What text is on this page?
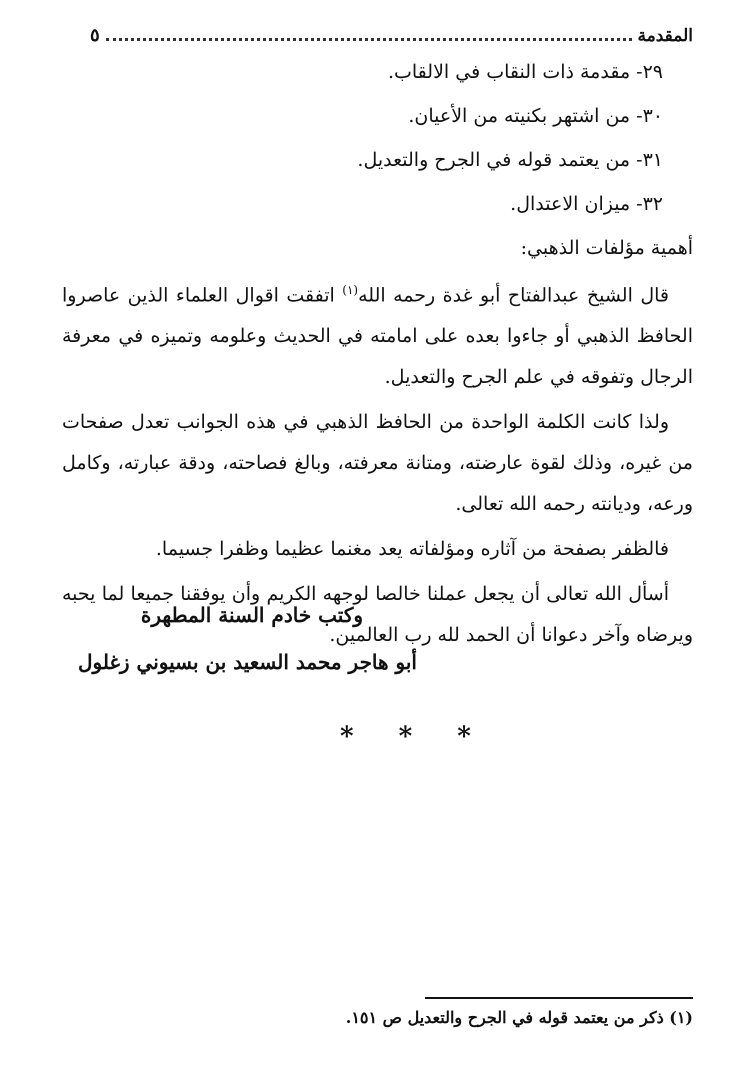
المقدمة
٥
٢٩- مقدمة ذات النقاب في الالقاب.
٣٠- من اشتهر بكنيته من الأعيان.
٣١- من يعتمد قوله في الجرح والتعديل.
٣٢- ميزان الاعتدال.
أهمية مؤلفات الذهبي:

قال الشيخ عبدالفتاح أبو غدة رحمه الله$^{(١)}$ اتفقت اقوال العلماء الذين عاصروا الحافظ الذهبي أو جاءوا بعده على امامته في الحديث وعلومه وتميزه في معرفة الرجال وتفوقه في علم الجرح والتعديل.

ولذا كانت الكلمة الواحدة من الحافظ الذهبي في هذه الجوانب تعدل صفحات من غيره، وذلك لقوة عارضته، ومتانة معرفته، وبالغ فصاحته، ودقة عبارته، وكامل ورعه، وديانته رحمه الله تعالى.

فالظفر بصفحة من آثاره ومؤلفاته يعد مغنما عظيما وظفرا جسيما.

أسأل الله تعالى أن يجعل عملنا خالصا لوجهه الكريم وأن يوفقنا جميعا لما يحبه ويرضاه وآخر دعوانا أن الحمد لله رب العالمين.

وكتب خادم السنة المطهرة
أبو هاجر محمد السعيد بن بسيوني زغلول
* * *
(١) ذكر من يعتمد قوله في الجرح والتعديل ص ١٥١.
